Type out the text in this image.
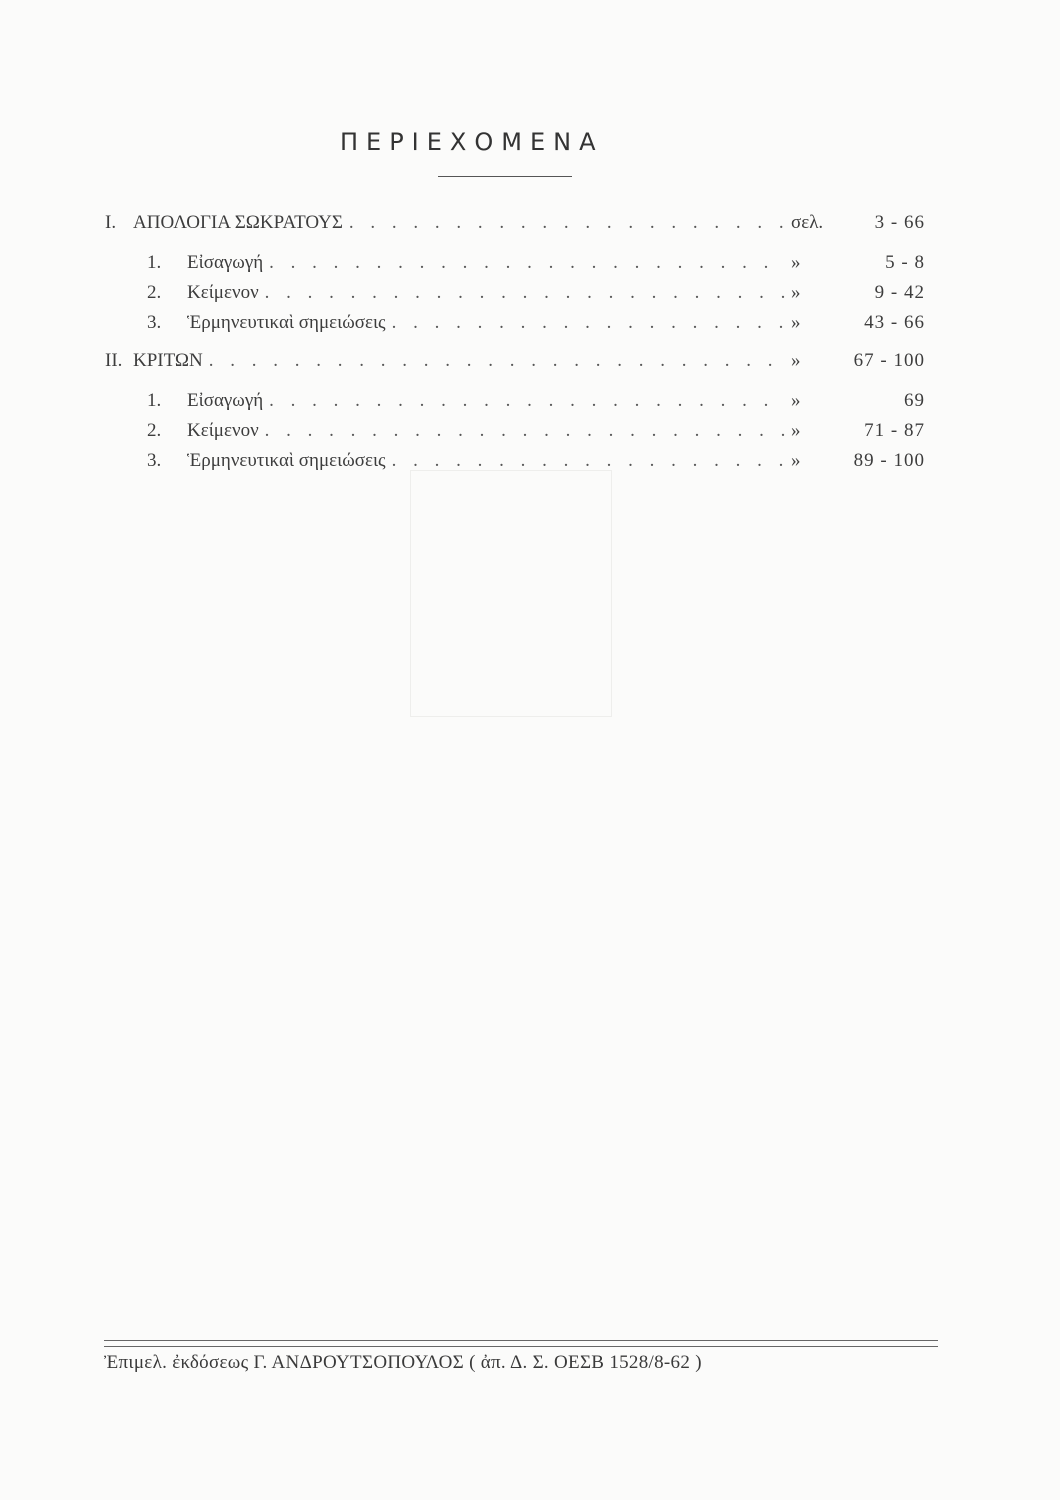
ΠΕΡΙΕΧΟΜΕΝΑ
I. ΑΠΟΛΟΓΙΑ ΣΩΚΡΑΤΟΥΣ . . .	σελ.	3 - 66
1.	Εἰσαγωγή . . .	»	5 - 8
2.	Κείμενον . . .	»	9 - 42
3.	Ἑρμηνευτικαὶ σημειώσεις . . .	»	43 - 66
II. ΚΡΙΤΩΝ . . .	»	67 - 100
1.	Εἰσαγωγή . . .	»	69
2.	Κείμενον . . .	»	71 - 87
3.	Ἑρμηνευτικαὶ σημειώσεις . . .	»	89 - 100
Ἐπιμελ. ἐκδόσεως Γ. ΑΝΔΡΟΥΤΣΟΠΟΥΛΟΣ ( ἀπ. Δ. Σ. ΟΕΣΒ 1528/8-62 )
